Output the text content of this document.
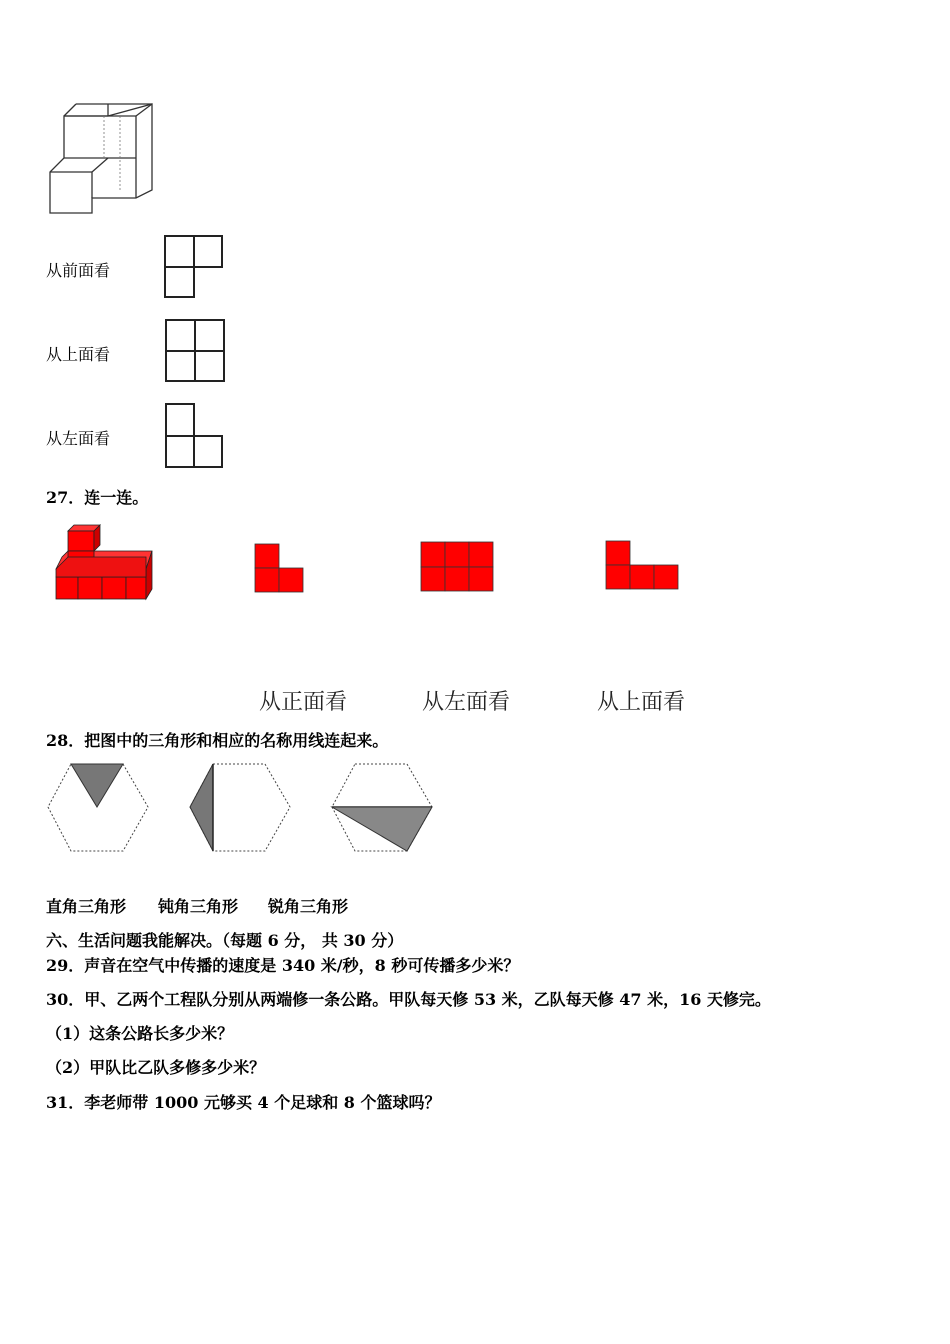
从前面看
从上面看
从左面看
27．连一连。
从正面看	从左面看	从上面看
28．把图中的三角形和相应的名称用线连起来。
直角三角形 钝角三角形 锐角三角形
六、生活问题我能解决。（每题 6 分， 共 30 分）
29．声音在空气中传播的速度是 340 米/秒，8 秒可传播多少米？
30．甲、乙两个工程队分别从两端修一条公路。甲队每天修 53 米，乙队每天修 47 米，16 天修完。
（1）这条公路长多少米？
（2）甲队比乙队多修多少米？
31．李老师带 1000 元够买 4 个足球和 8 个篮球吗？
